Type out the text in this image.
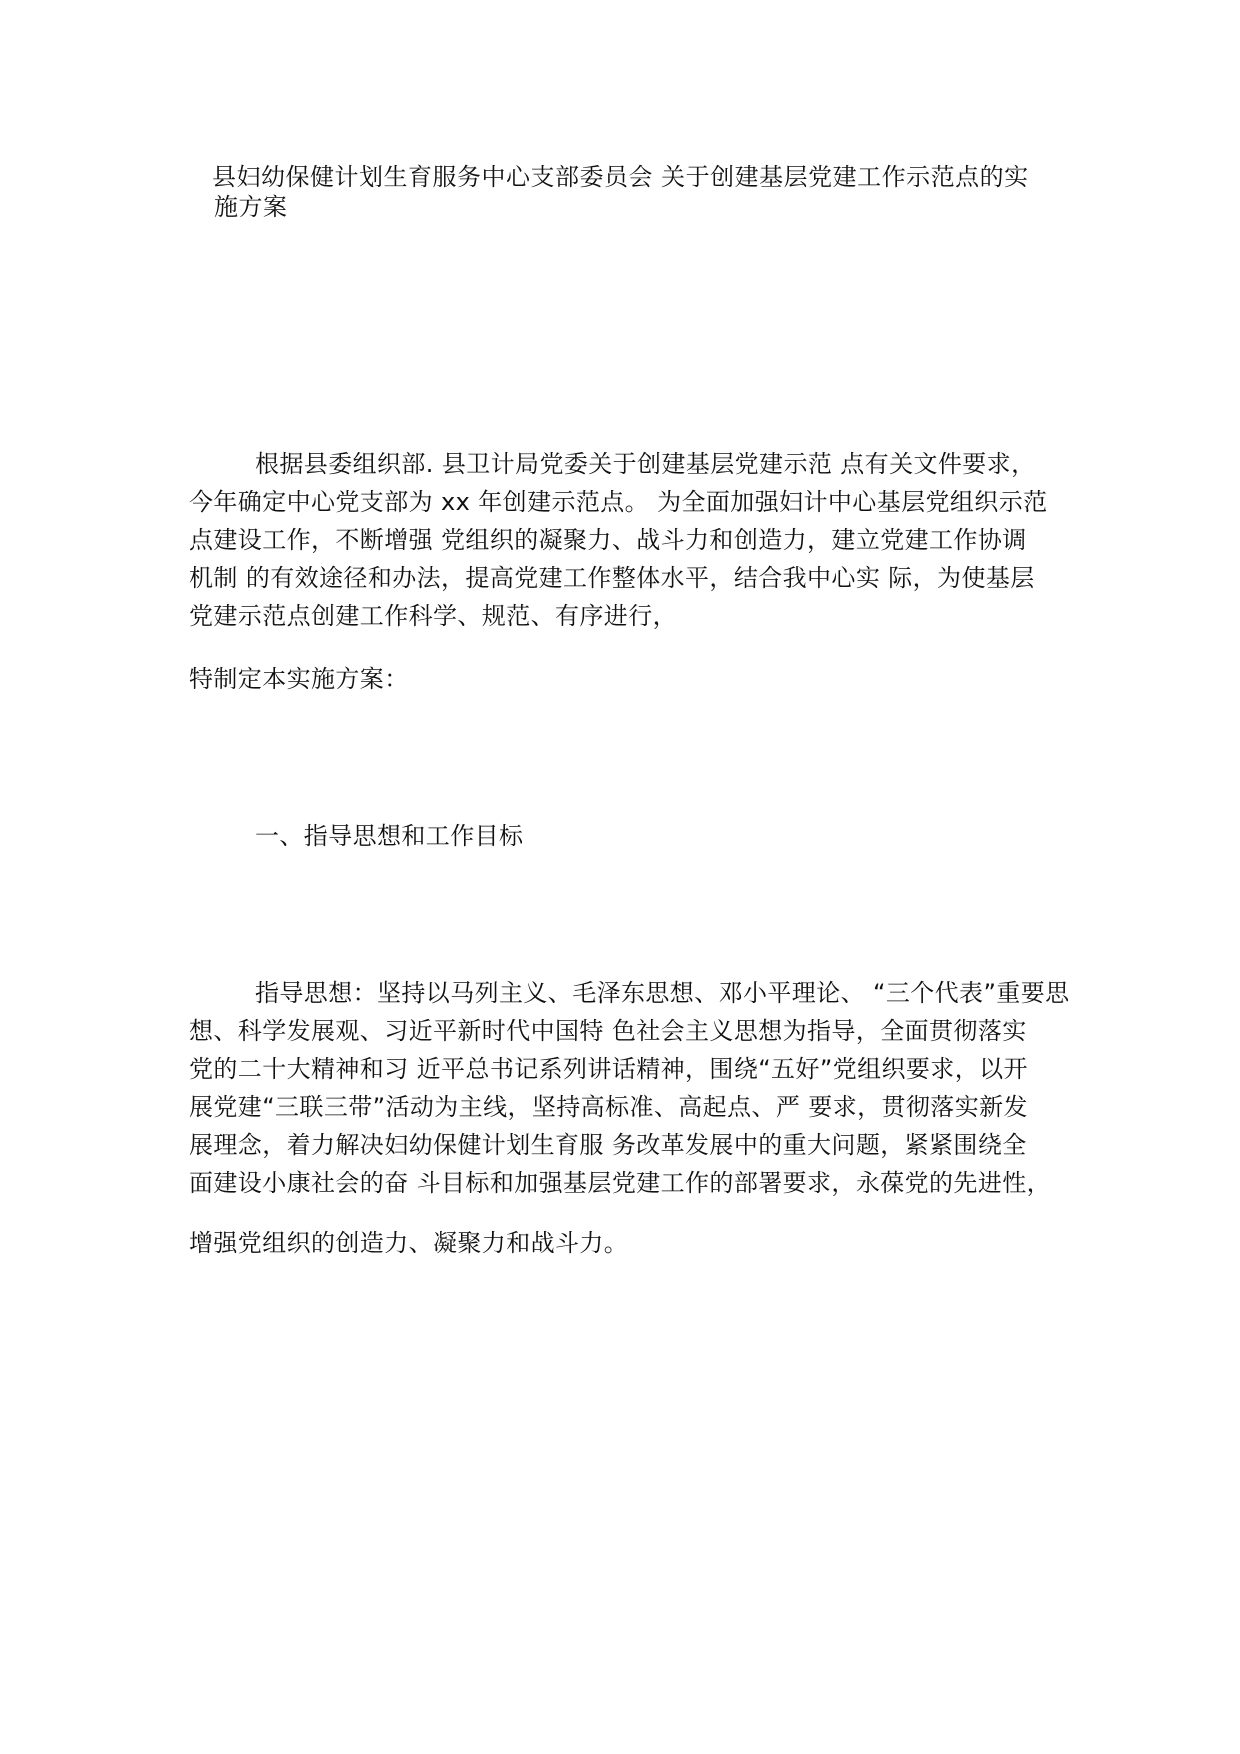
县妇幼保健计划生育服务中心支部委员会 关于创建基层党建工作示范点的实
施方案
根据县委组织部. 县卫计局党委关于创建基层党建示范 点有关文件要求，
今年确定中心党支部为 xx 年创建示范点。 为全面加强妇计中心基层党组织示范
点建设工作，不断增强 党组织的凝聚力、战斗力和创造力，建立党建工作协调
机制 的有效途径和办法，提高党建工作整体水平，结合我中心实 际，为使基层
党建示范点创建工作科学、规范、有序进行，
特制定本实施方案：
一、指导思想和工作目标
指导思想：坚持以马列主义、毛泽东思想、邓小平理论、 “三个代表”重要思
想、科学发展观、习近平新时代中国特 色社会主义思想为指导，全面贯彻落实
党的二十大精神和习 近平总书记系列讲话精神，围绕“五好”党组织要求，以开
展党建“三联三带”活动为主线，坚持高标准、高起点、严 要求，贯彻落实新发
展理念，着力解决妇幼保健计划生育服 务改革发展中的重大问题，紧紧围绕全
面建设小康社会的奋 斗目标和加强基层党建工作的部署要求，永葆党的先进性，
增强党组织的创造力、凝聚力和战斗力。
